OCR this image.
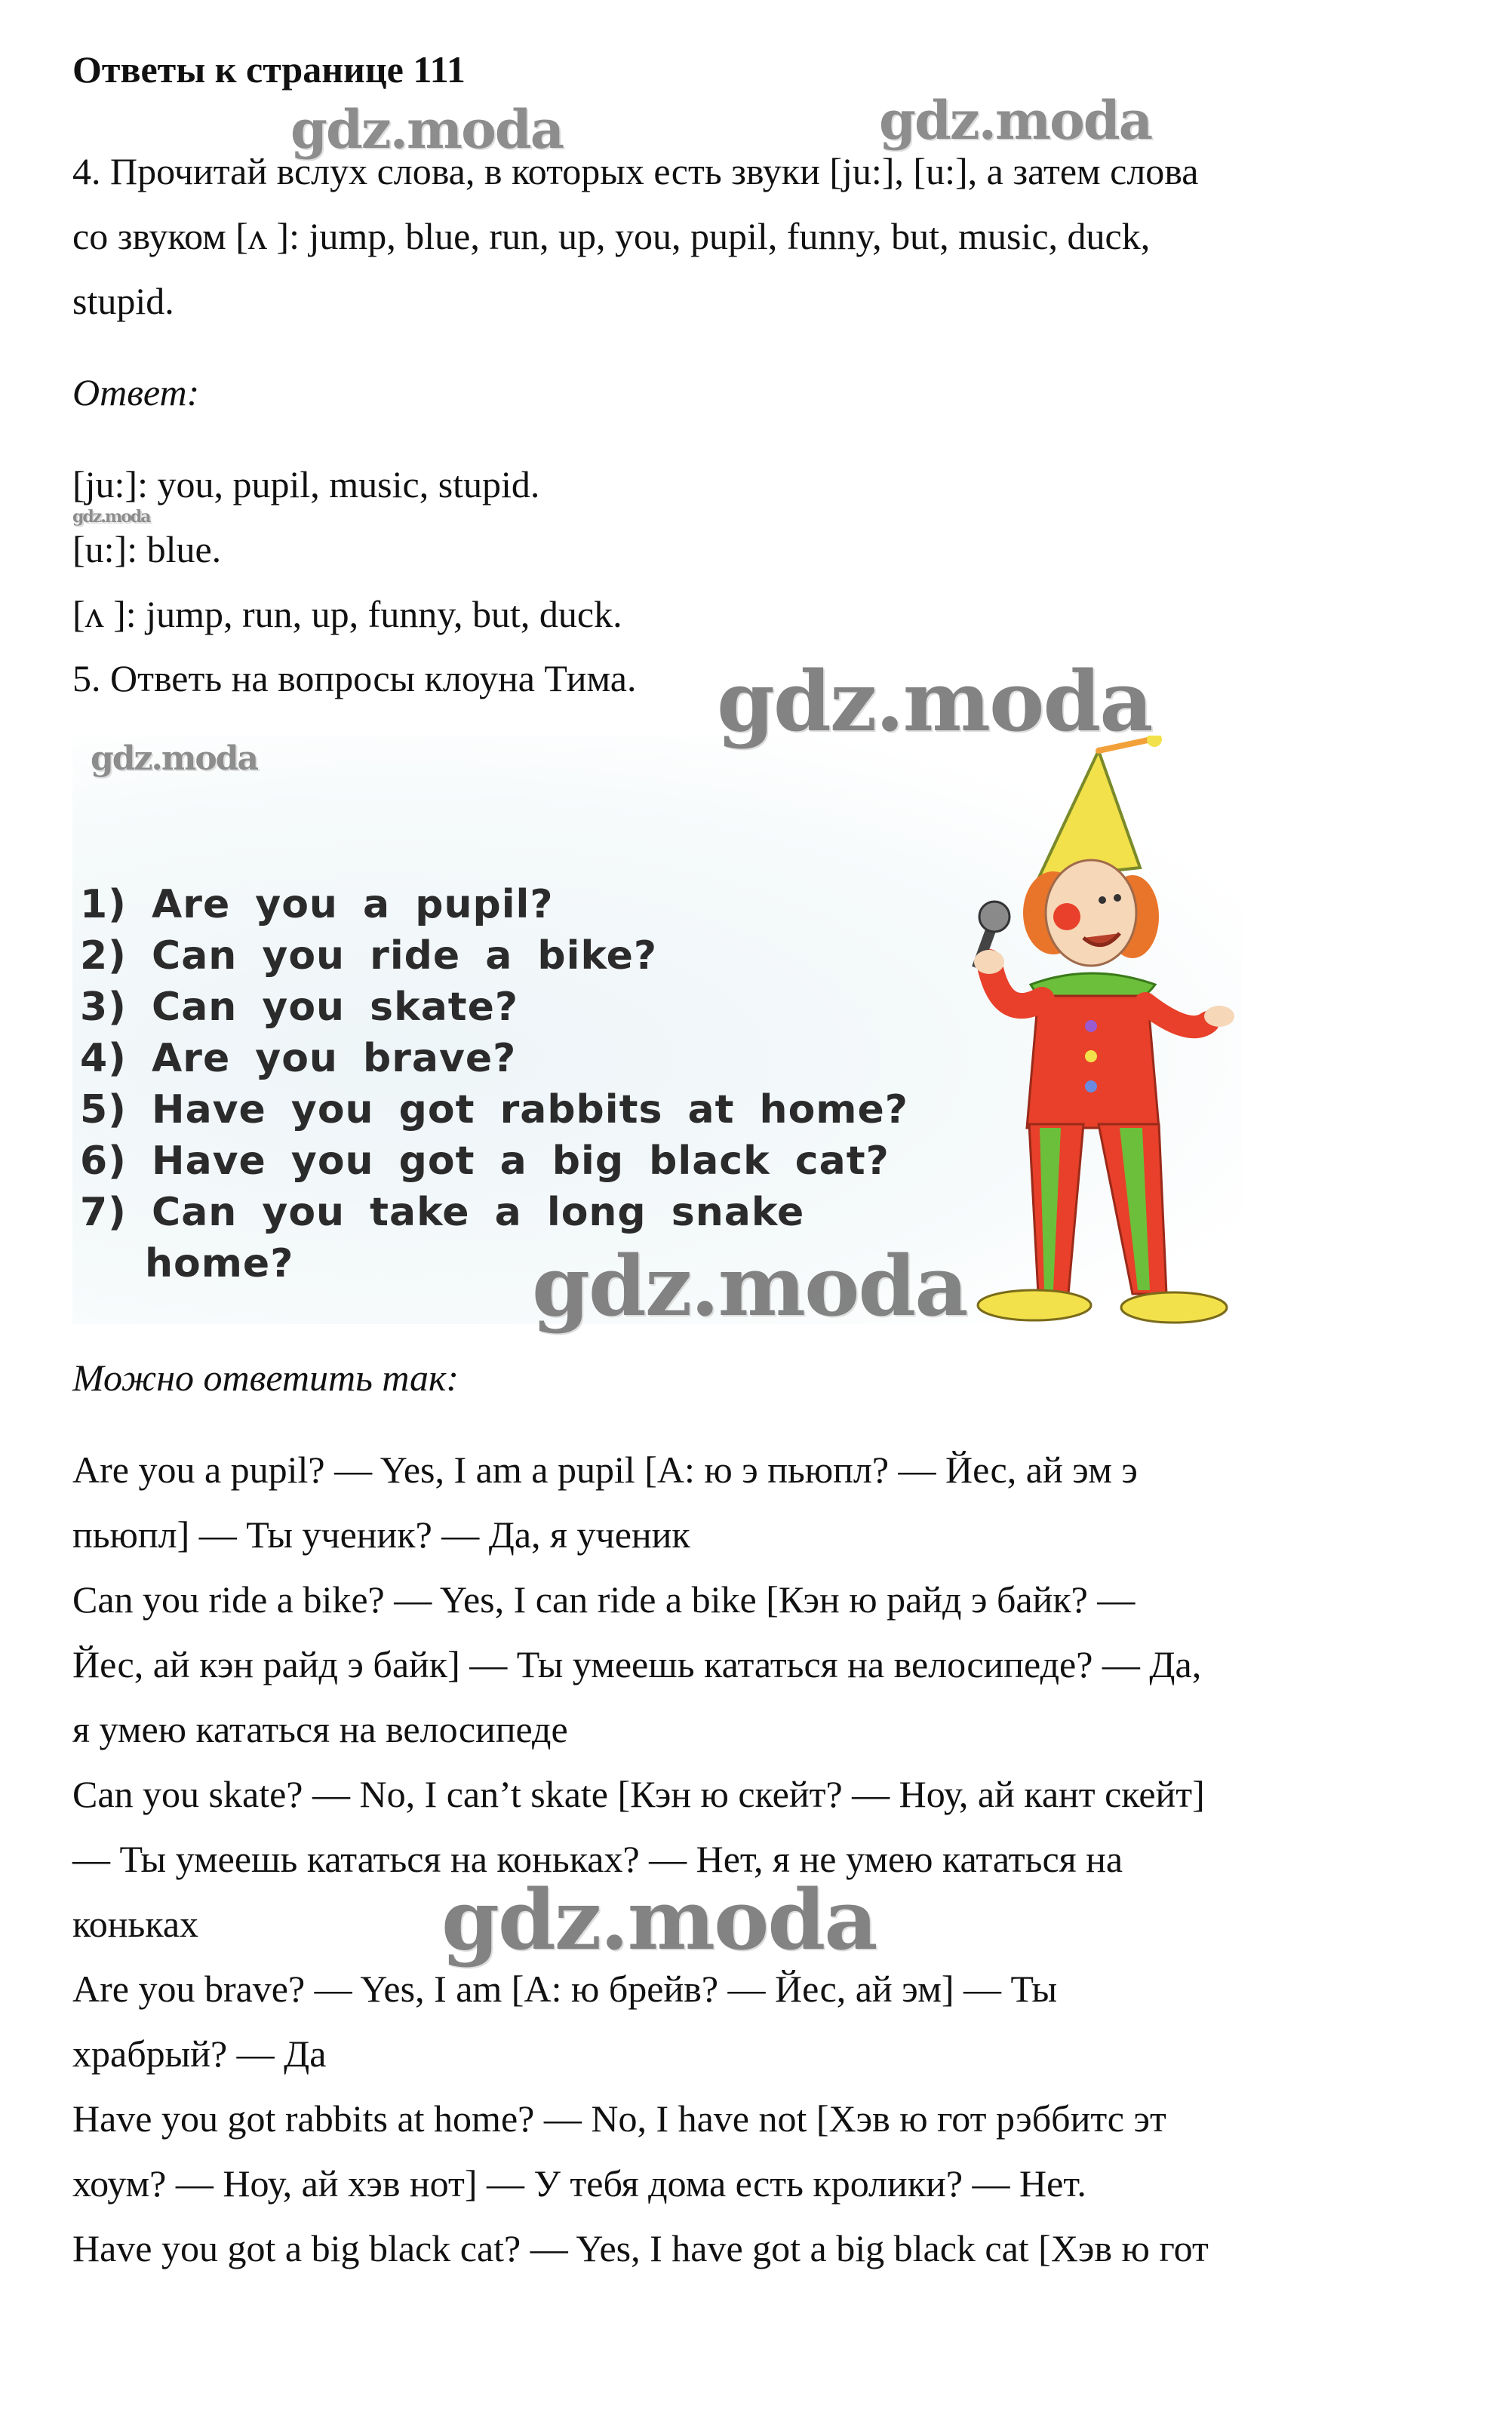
Ответы к странице 111

4. Прочитай вслух слова, в которых есть звуки [ju:], [u:], а затем слова

со звуком [ʌ ]: jump, blue, run, up, you, pupil, funny, but, music, duck,

stupid.

Ответ:

[ju:]: you, pupil, music, stupid.

[u:]: blue.

[ʌ ]: jump, run, up, funny, but, duck.

5. Ответь на вопросы клоуна Тима.

1) Are you a pupil?
2) Can you ride a bike?
3) Can you skate?
4) Are you brave?
5) Have you got rabbits at home?
6) Have you got a big black cat?
7) Can you take a long snake
home?

Можно ответить так:

Are you a pupil? — Yes, I am a pupil [А: ю э пьюпл? — Йес, ай эм э

пьюпл] — Ты ученик? — Да, я ученик

Can you ride a bike? — Yes, I can ride a bike [Кэн ю райд э байк? —

Йес, ай кэн райд э байк] — Ты умеешь кататься на велосипеде? — Да,

я умею кататься на велосипеде

Can you skate? — No, I can’t skate [Кэн ю скейт? — Ноу, ай кант скейт]

— Ты умеешь кататься на коньках? — Нет, я не умею кататься на

коньках

Are you brave? — Yes, I am [А: ю брейв? — Йес, ай эм] — Ты

храбрый? — Да

Have you got rabbits at home? — No, I have not [Хэв ю гот рэббитс эт

хоум? — Ноу, ай хэв нот] — У тебя дома есть кролики? — Нет.

Have you got a big black cat? — Yes, I have got a big black cat [Хэв ю гот

gdz.moda	gdz.moda
gdz.moda
gdz.moda
gdz.moda
gdz.moda
gdz.moda
